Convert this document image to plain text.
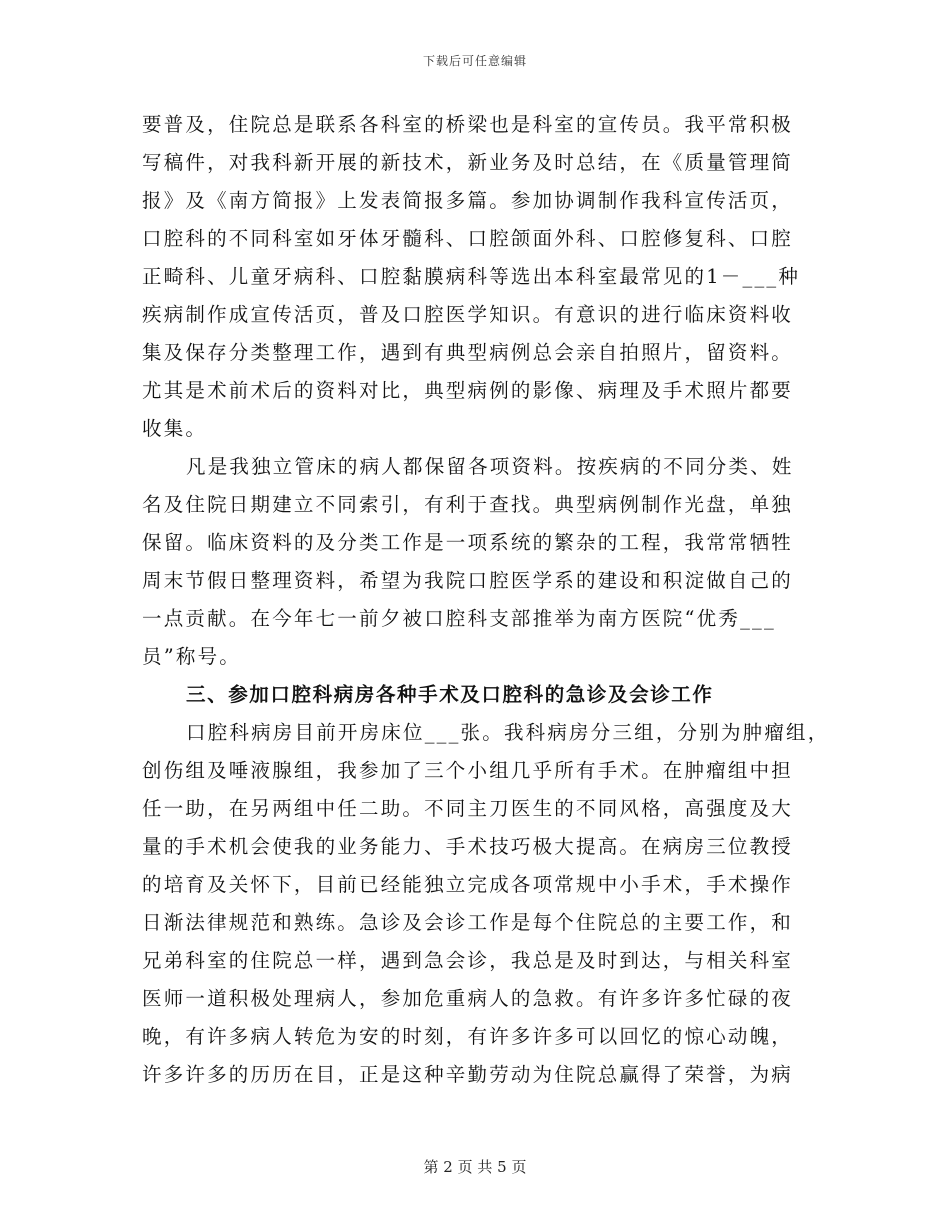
下载后可任意编辑
要普及，住院总是联系各科室的桥梁也是科室的宣传员。我平常积极
写稿件，对我科新开展的新技术，新业务及时总结，在《质量管理简
报》及《南方简报》上发表简报多篇。参加协调制作我科宣传活页，
口腔科的不同科室如牙体牙髓科、口腔颌面外科、口腔修复科、口腔
正畸科、儿童牙病科、口腔黏膜病科等选出本科室最常见的1－___种
疾病制作成宣传活页，普及口腔医学知识。有意识的进行临床资料收
集及保存分类整理工作，遇到有典型病例总会亲自拍照片，留资料。
尤其是术前术后的资料对比，典型病例的影像、病理及手术照片都要
收集。
凡是我独立管床的病人都保留各项资料。按疾病的不同分类、姓
名及住院日期建立不同索引，有利于查找。典型病例制作光盘，单独
保留。临床资料的及分类工作是一项系统的繁杂的工程，我常常牺牲
周末节假日整理资料，希望为我院口腔医学系的建设和积淀做自己的
一点贡献。在今年七一前夕被口腔科支部推举为南方医院“优秀___
员”称号。
三、参加口腔科病房各种手术及口腔科的急诊及会诊工作
口腔科病房目前开房床位___张。我科病房分三组，分别为肿瘤组，
创伤组及唾液腺组，我参加了三个小组几乎所有手术。在肿瘤组中担
任一助，在另两组中任二助。不同主刀医生的不同风格，高强度及大
量的手术机会使我的业务能力、手术技巧极大提高。在病房三位教授
的培育及关怀下，目前已经能独立完成各项常规中小手术，手术操作
日渐法律规范和熟练。急诊及会诊工作是每个住院总的主要工作，和
兄弟科室的住院总一样，遇到急会诊，我总是及时到达，与相关科室
医师一道积极处理病人，参加危重病人的急救。有许多许多忙碌的夜
晚，有许多病人转危为安的时刻，有许多许多可以回忆的惊心动魄，
许多许多的历历在目，正是这种辛勤劳动为住院总赢得了荣誉，为病
第 2 页 共 5 页
